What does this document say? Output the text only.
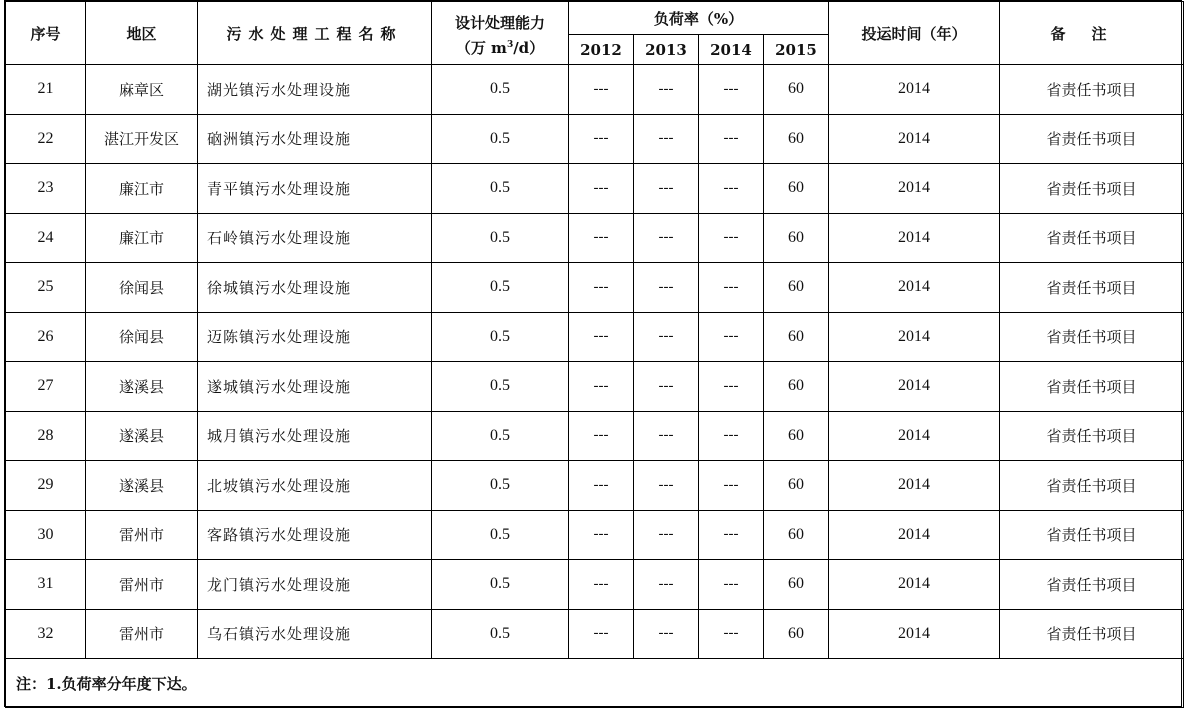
序号	地区	污水处理工程名称	设计处理能力
（万 $m^3/d$）	负荷率（%）				投运时间（年）	备注
				2012	2013	2014	2015		
21	麻章区	湖光镇污水处理设施	0.5	---	---	---	60	2014	省责任书项目
22	湛江开发区	硇洲镇污水处理设施	0.5	---	---	---	60	2014	省责任书项目
23	廉江市	青平镇污水处理设施	0.5	---	---	---	60	2014	省责任书项目
24	廉江市	石岭镇污水处理设施	0.5	---	---	---	60	2014	省责任书项目
25	徐闻县	徐城镇污水处理设施	0.5	---	---	---	60	2014	省责任书项目
26	徐闻县	迈陈镇污水处理设施	0.5	---	---	---	60	2014	省责任书项目
27	遂溪县	遂城镇污水处理设施	0.5	---	---	---	60	2014	省责任书项目
28	遂溪县	城月镇污水处理设施	0.5	---	---	---	60	2014	省责任书项目
29	遂溪县	北坡镇污水处理设施	0.5	---	---	---	60	2014	省责任书项目
30	雷州市	客路镇污水处理设施	0.5	---	---	---	60	2014	省责任书项目
31	雷州市	龙门镇污水处理设施	0.5	---	---	---	60	2014	省责任书项目
32	雷州市	乌石镇污水处理设施	0.5	---	---	---	60	2014	省责任书项目
注：1.负荷率分年度下达。									
